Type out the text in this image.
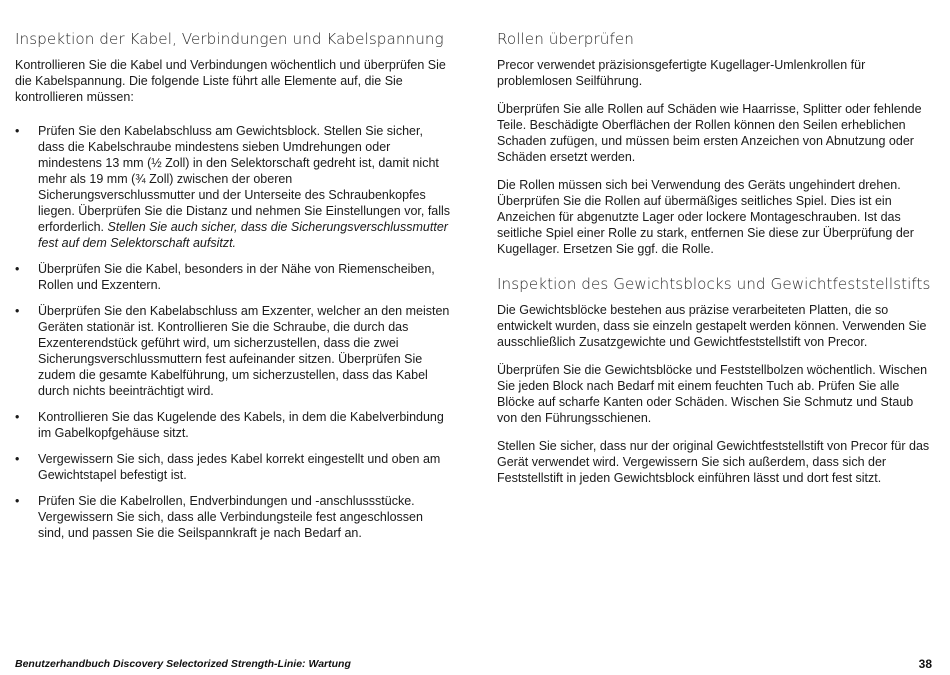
Inspektion der Kabel, Verbindungen und Kabelspannung

Kontrollieren Sie die Kabel und Verbindungen wöchentlich und überprüfen Sie die Kabelspannung. Die folgende Liste führt alle Elemente auf, die Sie kontrollieren müssen:

• Prüfen Sie den Kabelabschluss am Gewichtsblock. Stellen Sie sicher, dass die Kabelschraube mindestens sieben Umdrehungen oder mindestens 13 mm (½ Zoll) in den Selektorschaft gedreht ist, damit nicht mehr als 19 mm (¾ Zoll) zwischen der oberen Sicherungsverschlussmutter und der Unterseite des Schraubenkopfes liegen. Überprüfen Sie die Distanz und nehmen Sie Einstellungen vor, falls erforderlich. Stellen Sie auch sicher, dass die Sicherungsverschlussmutter fest auf dem Selektorschaft aufsitzt.
• Überprüfen Sie die Kabel, besonders in der Nähe von Riemenscheiben, Rollen und Exzentern.
• Überprüfen Sie den Kabelabschluss am Exzenter, welcher an den meisten Geräten stationär ist. Kontrollieren Sie die Schraube, die durch das Exzenterendstück geführt wird, um sicherzustellen, dass die zwei Sicherungsverschlussmuttern fest aufeinander sitzen. Überprüfen Sie zudem die gesamte Kabelführung, um sicherzustellen, dass das Kabel durch nichts beeinträchtigt wird.
• Kontrollieren Sie das Kugelende des Kabels, in dem die Kabelverbindung im Gabelkopfgehäuse sitzt.
• Vergewissern Sie sich, dass jedes Kabel korrekt eingestellt und oben am Gewichtstapel befestigt ist.
• Prüfen Sie die Kabelrollen, Endverbindungen und -anschlussstücke. Vergewissern Sie sich, dass alle Verbindungsteile fest angeschlossen sind, und passen Sie die Seilspannkraft je nach Bedarf an.
Rollen überprüfen

Precor verwendet präzisionsgefertigte Kugellager-Umlenkrollen für problemlosen Seilführung.

Überprüfen Sie alle Rollen auf Schäden wie Haarrisse, Splitter oder fehlende Teile. Beschädigte Oberflächen der Rollen können den Seilen erheblichen Schaden zufügen, und müssen beim ersten Anzeichen von Abnutzung oder Schäden ersetzt werden.

Die Rollen müssen sich bei Verwendung des Geräts ungehindert drehen. Überprüfen Sie die Rollen auf übermäßiges seitliches Spiel. Dies ist ein Anzeichen für abgenutzte Lager oder lockere Montageschrauben. Ist das seitliche Spiel einer Rolle zu stark, entfernen Sie diese zur Überprüfung der Kugellager. Ersetzen Sie ggf. die Rolle.

Inspektion des Gewichtsblocks und Gewichtfeststellstifts

Die Gewichtsblöcke bestehen aus präzise verarbeiteten Platten, die so entwickelt wurden, dass sie einzeln gestapelt werden können. Verwenden Sie ausschließlich Zusatzgewichte und Gewichtfeststellstift von Precor.

Überprüfen Sie die Gewichtsblöcke und Feststellbolzen wöchentlich. Wischen Sie jeden Block nach Bedarf mit einem feuchten Tuch ab. Prüfen Sie alle Blöcke auf scharfe Kanten oder Schäden. Wischen Sie Schmutz und Staub von den Führungsschienen.

Stellen Sie sicher, dass nur der original Gewichtfeststellstift von Precor für das Gerät verwendet wird. Vergewissern Sie sich außerdem, dass sich der Feststellstift in jeden Gewichtsblock einführen lässt und dort fest sitzt.

Benutzerhandbuch Discovery Selectorized Strength-Linie: Wartung	38
